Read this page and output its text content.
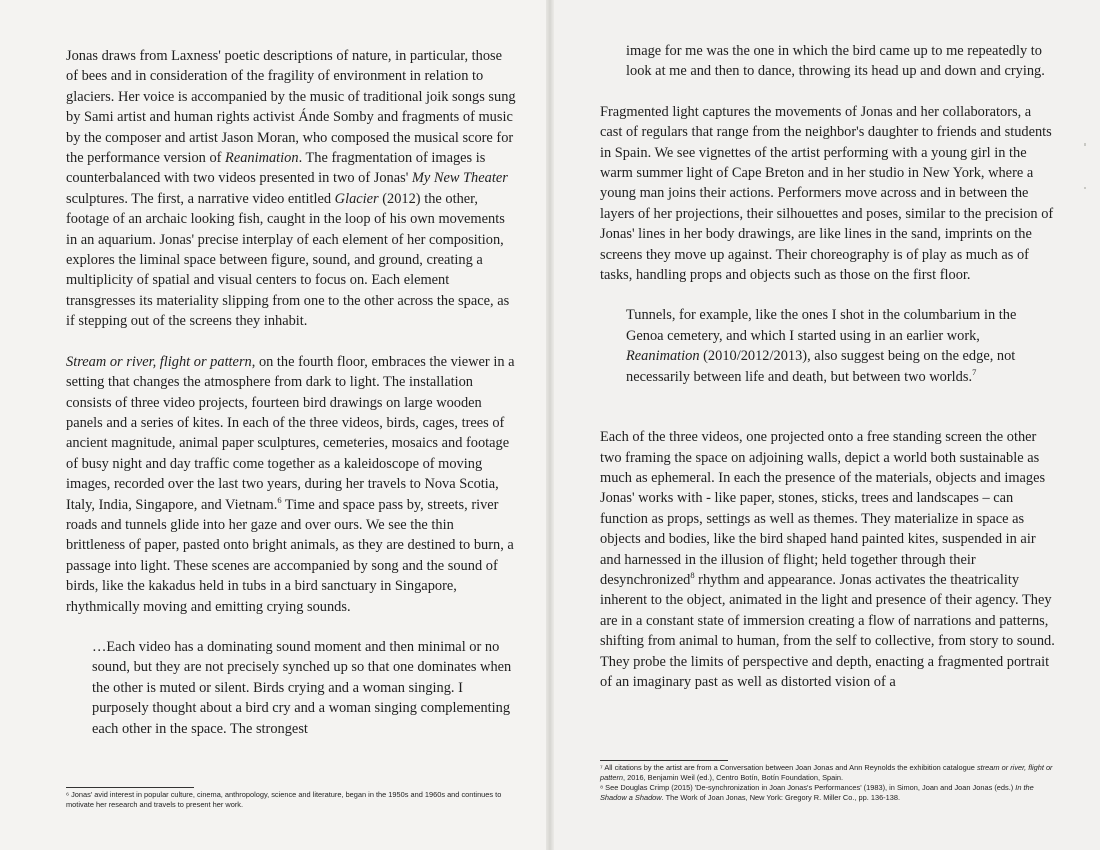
Jonas draws from Laxness' poetic descriptions of nature, in particular, those of bees and in consideration of the fragility of environment in relation to glaciers. Her voice is accompanied by the music of traditional joik songs sung by Sami artist and human rights activist Ánde Somby and fragments of music by the composer and artist Jason Moran, who composed the musical score for the performance version of Reanimation. The fragmentation of images is counterbalanced with two videos presented in two of Jonas' My New Theater sculptures. The first, a narrative video entitled Glacier (2012) the other, footage of an archaic looking fish, caught in the loop of his own movements in an aquarium. Jonas' precise interplay of each element of her composition, explores the liminal space between figure, sound, and ground, creating a multiplicity of spatial and visual centers to focus on. Each element transgresses its materiality slipping from one to the other across the space, as if stepping out of the screens they inhabit.

Stream or river, flight or pattern, on the fourth floor, embraces the viewer in a setting that changes the atmosphere from dark to light. The installation consists of three video projects, fourteen bird drawings on large wooden panels and a series of kites. In each of the three videos, birds, cages, trees of ancient magnitude, animal paper sculptures, cemeteries, mosaics and footage of busy night and day traffic come together as a kaleidoscope of moving images, recorded over the last two years, during her travels to Nova Scotia, Italy, India, Singapore, and Vietnam.$^6$ Time and space pass by, streets, river roads and tunnels glide into her gaze and over ours. We see the thin brittleness of paper, pasted onto bright animals, as they are destined to burn, a passage into light. These scenes are accompanied by song and the sound of birds, like the kakadus held in tubs in a bird sanctuary in Singapore, rhythmically moving and emitting crying sounds.

…Each video has a dominating sound moment and then minimal or no sound, but they are not precisely synched up so that one dominates when the other is muted or silent. Birds crying and a woman singing. I purposely thought about a bird cry and a woman singing complementing each other in the space. The strongest

⁶ Jonas' avid interest in popular culture, cinema, anthropology, science and literature, began in the 1950s and 1960s and continues to motivate her research and travels to present her work.

image for me was the one in which the bird came up to me repeatedly to look at me and then to dance, throwing its head up and down and crying.

Fragmented light captures the movements of Jonas and her collaborators, a cast of regulars that range from the neighbor's daughter to friends and students in Spain. We see vignettes of the artist performing with a young girl in the warm summer light of Cape Breton and in her studio in New York, where a young man joins their actions. Performers move across and in between the layers of her projections, their silhouettes and poses, similar to the precision of Jonas' lines in her body drawings, are like lines in the sand, imprints on the screens they move up against. Their choreography is of play as much as of tasks, handling props and objects such as those on the first floor.

Tunnels, for example, like the ones I shot in the columbarium in the Genoa cemetery, and which I started using in an earlier work, Reanimation (2010/2012/2013), also suggest being on the edge, not necessarily between life and death, but between two worlds.$^7$

Each of the three videos, one projected onto a free standing screen the other two framing the space on adjoining walls, depict a world both sustainable as much as ephemeral. In each the presence of the materials, objects and images Jonas' works with - like paper, stones, sticks, trees and landscapes – can function as props, settings as well as themes. They materialize in space as objects and bodies, like the bird shaped hand painted kites, suspended in air and harnessed in the illusion of flight; held together through their desynchronized$^8$ rhythm and appearance. Jonas activates the theatricality inherent to the object, animated in the light and presence of their agency. They are in a constant state of immersion creating a flow of narrations and patterns, shifting from animal to human, from the self to collective, from story to sound. They probe the limits of perspective and depth, enacting a fragmented portrait of an imaginary past as well as distorted vision of a

⁷ All citations by the artist are from a Conversation between Joan Jonas and Ann Reynolds the exhibition catalogue stream or river, flight or pattern, 2016, Benjamin Weil (ed.), Centro Botín, Botín Foundation, Spain.

⁸ See Douglas Crimp (2015) 'De-synchronization in Joan Jonas's Performances' (1983), in Simon, Joan and Joan Jonas (eds.) In the Shadow a Shadow. The Work of Joan Jonas, New York: Gregory R. Miller Co., pp. 136-138.
